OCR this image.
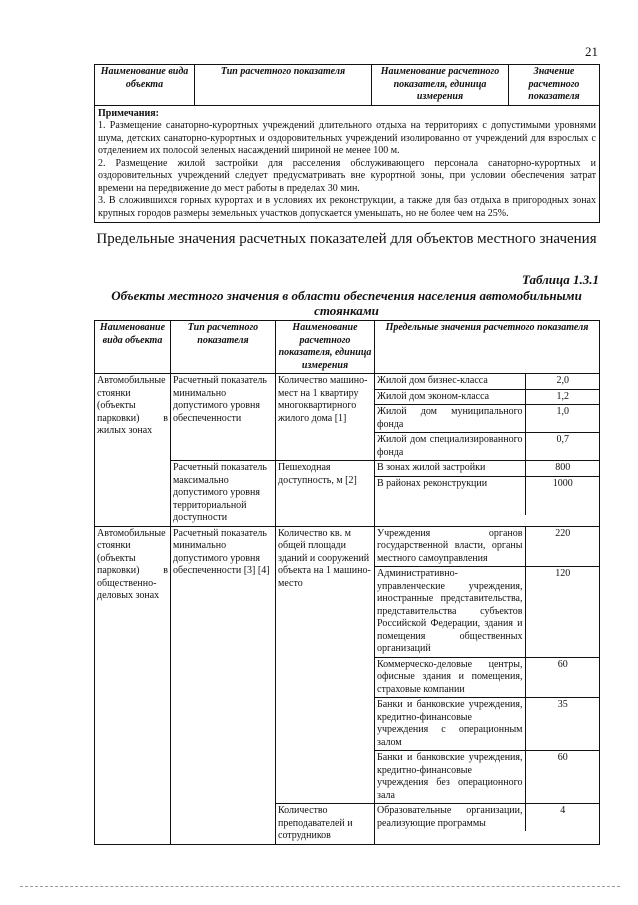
21
Наименование вида объекта	Тип расчетного показателя	Наименование расчетного показателя, единица измерения	Значение расчетного показателя

Примечания:
1. Размещение санаторно-курортных учреждений длительного отдыха на территориях с допустимыми уровнями шума, детских санаторно-курортных и оздоровительных учреждений изолированно от учреждений для взрослых с отделением их полосой зеленых насаждений шириной не менее 100 м.
2. Размещение жилой застройки для расселения обслуживающего персонала санаторно-курортных и оздоровительных учреждений следует предусматривать вне курортной зоны, при условии обеспечения затрат времени на передвижение до мест работы в пределах 30 мин.
3. В сложившихся горных курортах и в условиях их реконструкции, а также для баз отдыха в пригородных зонах крупных городов размеры земельных участков допускается уменьшать, но не более чем на 25%.
Предельные значения расчетных показателей для объектов местного значения
Таблица 1.3.1
Объекты местного значения в области обеспечения населения автомобильными стоянками
Наименование вида объекта	Тип расчетного показателя	Наименование расчетного показателя, единица измерения	Предельные значения расчетного показателя
Автомобильные стоянки (объекты парковки) в жилых зонах	Расчетный показатель минимально допустимого уровня обеспеченности	Количество машино-мест на 1 квартиру многоквартирного жилого дома [1]	
Жилой дом бизнес-класса	2,0
Жилой дом эконом-класса	1,2
Жилой дом муниципального фонда	1,0
Жилой дом специализированного фонда	0,7

Расчетный показатель максимально допустимого уровня территориальной доступности	Пешеходная доступность, м [2]	
В зонах жилой застройки	800
В районах реконструкции	1000

Автомобильные стоянки (объекты парковки) в общественно-деловых зонах	Расчетный показатель минимально допустимого уровня обеспеченности [3] [4]	Количество кв. м общей площади зданий и сооружений объекта на 1 машино-место	
Учреждения органов государственной власти, органы местного самоуправления	220
Административно-управленческие учреждения, иностранные представительства, представительства субъектов Российской Федерации, здания и помещения общественных организаций	120
Коммерческо-деловые центры, офисные здания и помещения, страховые компании	60
Банки и банковские учреждения, кредитно-финансовые учреждения с операционным залом	35
Банки и банковские учреждения, кредитно-финансовые учреждения без операционного зала	60

Количество преподавателей и сотрудников	
Образовательные организации, реализующие программы	4
